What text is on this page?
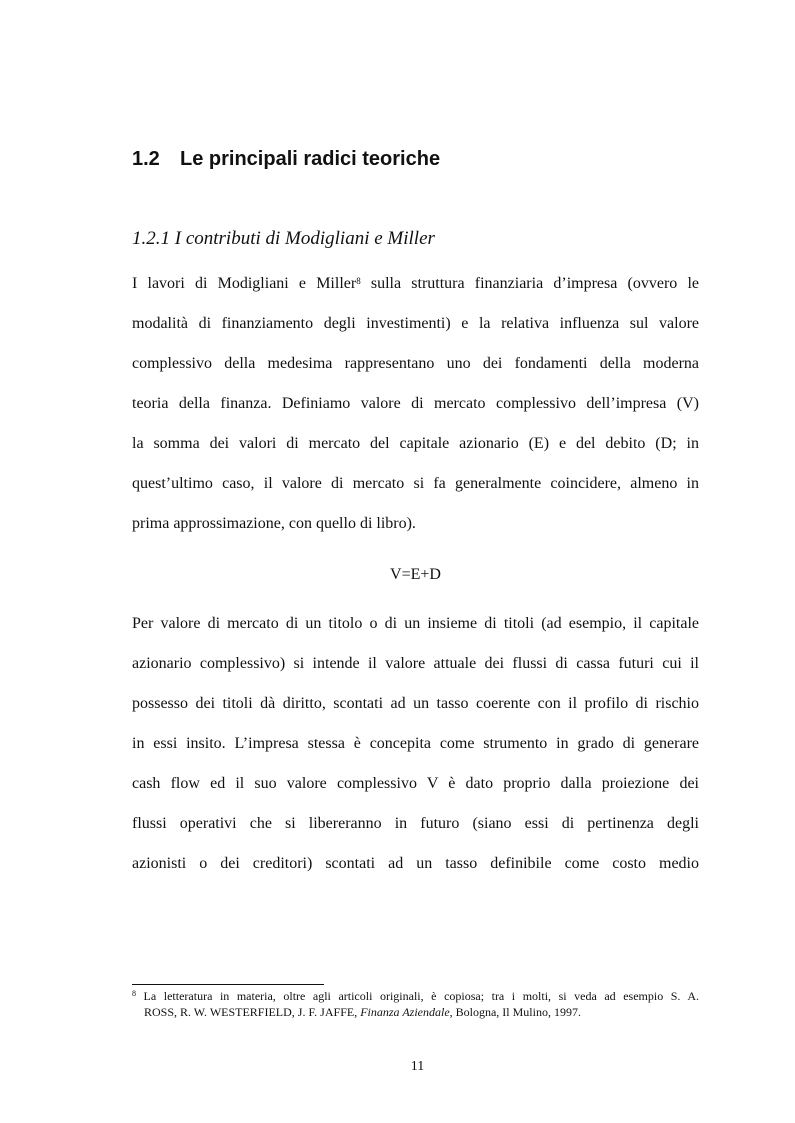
1.2 Le principali radici teoriche
1.2.1 I contributi di Modigliani e Miller
I lavori di Modigliani e Miller$^8$ sulla struttura finanziaria d’impresa (ovvero le
modalità di finanziamento degli investimenti) e la relativa influenza sul valore
complessivo della medesima rappresentano uno dei fondamenti della moderna
teoria della finanza. Definiamo valore di mercato complessivo dell’impresa (V)
la somma dei valori di mercato del capitale azionario (E) e del debito (D; in
quest’ultimo caso, il valore di mercato si fa generalmente coincidere, almeno in
prima approssimazione, con quello di libro).
V=E+D
Per valore di mercato di un titolo o di un insieme di titoli (ad esempio, il capitale
azionario complessivo) si intende il valore attuale dei flussi di cassa futuri cui il
possesso dei titoli dà diritto, scontati ad un tasso coerente con il profilo di rischio
in essi insito. L’impresa stessa è concepita come strumento in grado di generare
cash flow ed il suo valore complessivo V è dato proprio dalla proiezione dei
flussi operativi che si libereranno in futuro (siano essi di pertinenza degli
azionisti o dei creditori) scontati ad un tasso definibile come costo medio
$^8$ La letteratura in materia, oltre agli articoli originali, è copiosa; tra i molti, si veda ad esempio S. A.
ROSS, R. W. WESTERFIELD, J. F. JAFFE, Finanza Aziendale, Bologna, Il Mulino, 1997.
11
